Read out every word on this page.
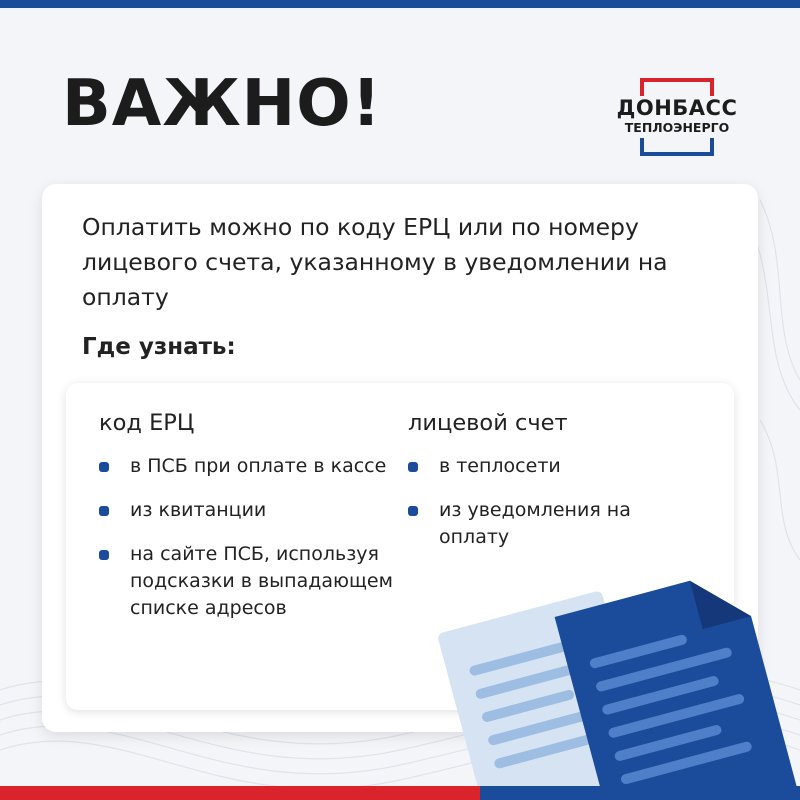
ВАЖНО!	ДОНБАСС
ТЕПЛОЭНЕРГО

Оплатить можно по коду ЕРЦ или по номеру лицевого счета, указанному в уведомлении на оплату

Где узнать:

код ЕРЦ

в ПСБ при оплате в кассе
из квитанции
на сайте ПСБ, используя подсказки в выпадающем списке адресов

лицевой счет

в теплосети
из уведомления на оплату
